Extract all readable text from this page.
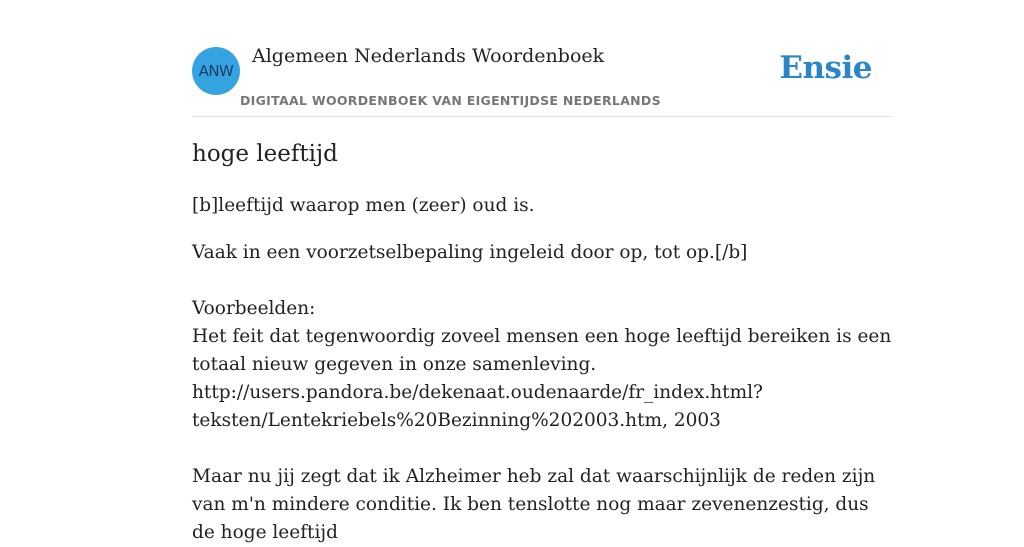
ANW
Algemeen Nederlands Woordenboek
DIGITAAL WOORDENBOEK VAN EIGENTIJDSE NEDERLANDS
Ensie
hoge leeftijd

[b]leeftijd waarop men (zeer) oud is.

Vaak in een voorzetselbepaling ingeleid door op, tot op.[/b]

Voorbeelden:

Het feit dat tegenwoordig zoveel mensen een hoge leeftijd bereiken is een totaal nieuw gegeven in onze samenleving.

http://users.pandora.be/dekenaat.oudenaarde/fr_index.html?teksten/Lentekriebels%20Bezinning%202003.htm, 2003

Maar nu jij zegt dat ik Alzheimer heb zal dat waarschijnlijk de reden zijn van m'n mindere conditie. Ik ben tenslotte nog maar zevenenzestig, dus de hoge leeftijd
